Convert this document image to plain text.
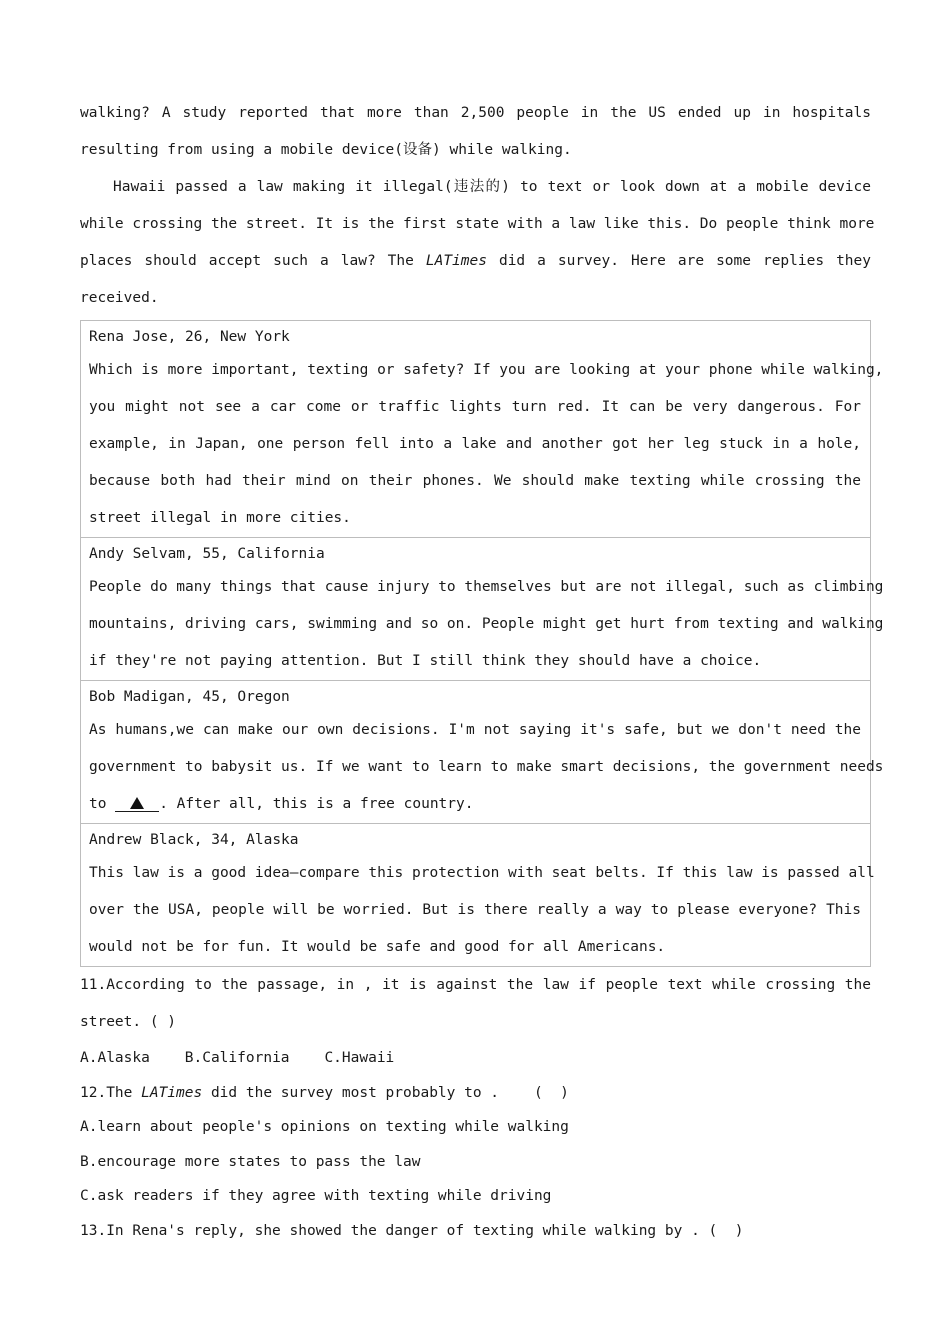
walking? A study reported that more than 2,500 people in the US ended up in hospitals
resulting from using a mobile device(设备) while walking.
Hawaii passed a law making it illegal(违法的) to text or look down at a mobile device
while crossing the street. It is the first state with a law like this. Do people think more
places should accept such a law? The LATimes did a survey. Here are some replies they
received.
Rena Jose, 26, New York
Which is more important, texting or safety? If you are looking at your phone while walking,
you might not see a car come or traffic lights turn red. It can be very dangerous. For
example, in Japan, one person fell into a lake and another got her leg stuck in a hole,
because both had their mind on their phones. We should make texting while crossing the
street illegal in more cities.
Andy Selvam, 55, California
People do many things that cause injury to themselves but are not illegal, such as climbing
mountains, driving cars, swimming and so on. People might get hurt from texting and walking
if they're not paying attention. But I still think they should have a choice.
Bob Madigan, 45, Oregon
As humans,we can make our own decisions. I'm not saying it's safe, but we don't need the
government to babysit us. If we want to learn to make smart decisions, the government needs
to	. After all, this is a free country.
Andrew Black, 34, Alaska
This law is a good idea—compare this protection with seat belts. If this law is passed all
over the USA, people will be worried. But is there really a way to please everyone? This
would not be for fun. It would be safe and good for all Americans.
11.According to the passage, in , it is against the law if people text while crossing the
street. ( )
A.Alaska B.California C.Hawaii
12.The LATimes did the survey most probably to .    (  )
A.learn about people's opinions on texting while walking
B.encourage more states to pass the law
C.ask readers if they agree with texting while driving
13.In Rena's reply, she showed the danger of texting while walking by . (  )
